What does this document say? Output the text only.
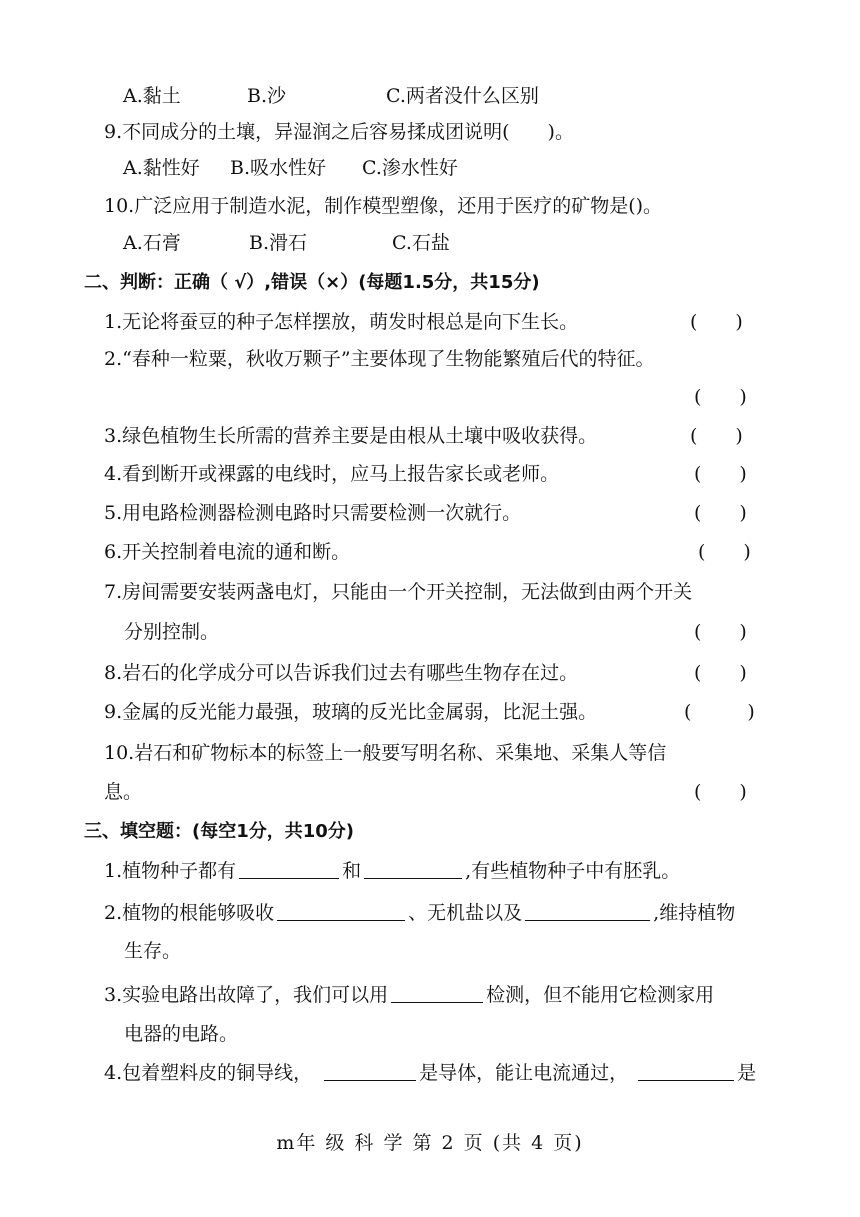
A.黏土	B.沙	C.两者没什么区别
9.不同成分的土壤，异湿润之后容易揉成团说明(　　)。
A.黏性好 B.吸水性好 C.渗水性好
10.广泛应用于制造水泥，制作模型塑像，还用于医疗的矿物是()。
A.石膏	B.滑石	C.石盐
二、判断：正确（ √）,错误（×）(每题1.5分，共15分)
1.无论将蚕豆的种子怎样摆放，萌发时根总是向下生长。	(　　)
2.“春种一粒粟，秋收万颗子”主要体现了生物能繁殖后代的特征。
(　　)
3.绿色植物生长所需的营养主要是由根从土壤中吸收获得。	(　　)
4.看到断开或裸露的电线时，应马上报告家长或老师。	(　　)
5.用电路检测器检测电路时只需要检测一次就行。	(　　)
6.开关控制着电流的通和断。	(　　)
7.房间需要安装两盏电灯，只能由一个开关控制，无法做到由两个开关
分别控制。	(　　)
8.岩石的化学成分可以告诉我们过去有哪些生物存在过。	(　　)
9.金属的反光能力最强，玻璃的反光比金属弱，比泥土强。	(　　)
10.岩石和矿物标本的标签上一般要写明名称、采集地、采集人等信
息。	(　　)
三、填空题：(每空1分，共10分)
1.植物种子都有	和	,有些植物种子中有胚乳。
2.植物的根能够吸收	、无机盐以及	,维持植物
生存。
3.实验电路出故障了，我们可以用	检测，但不能用它检测家用
电器的电路。
4.包着塑料皮的铜导线，	是导体，能让电流通过，	是
m年 级 科 学 第 2 页 (共 4 页)
